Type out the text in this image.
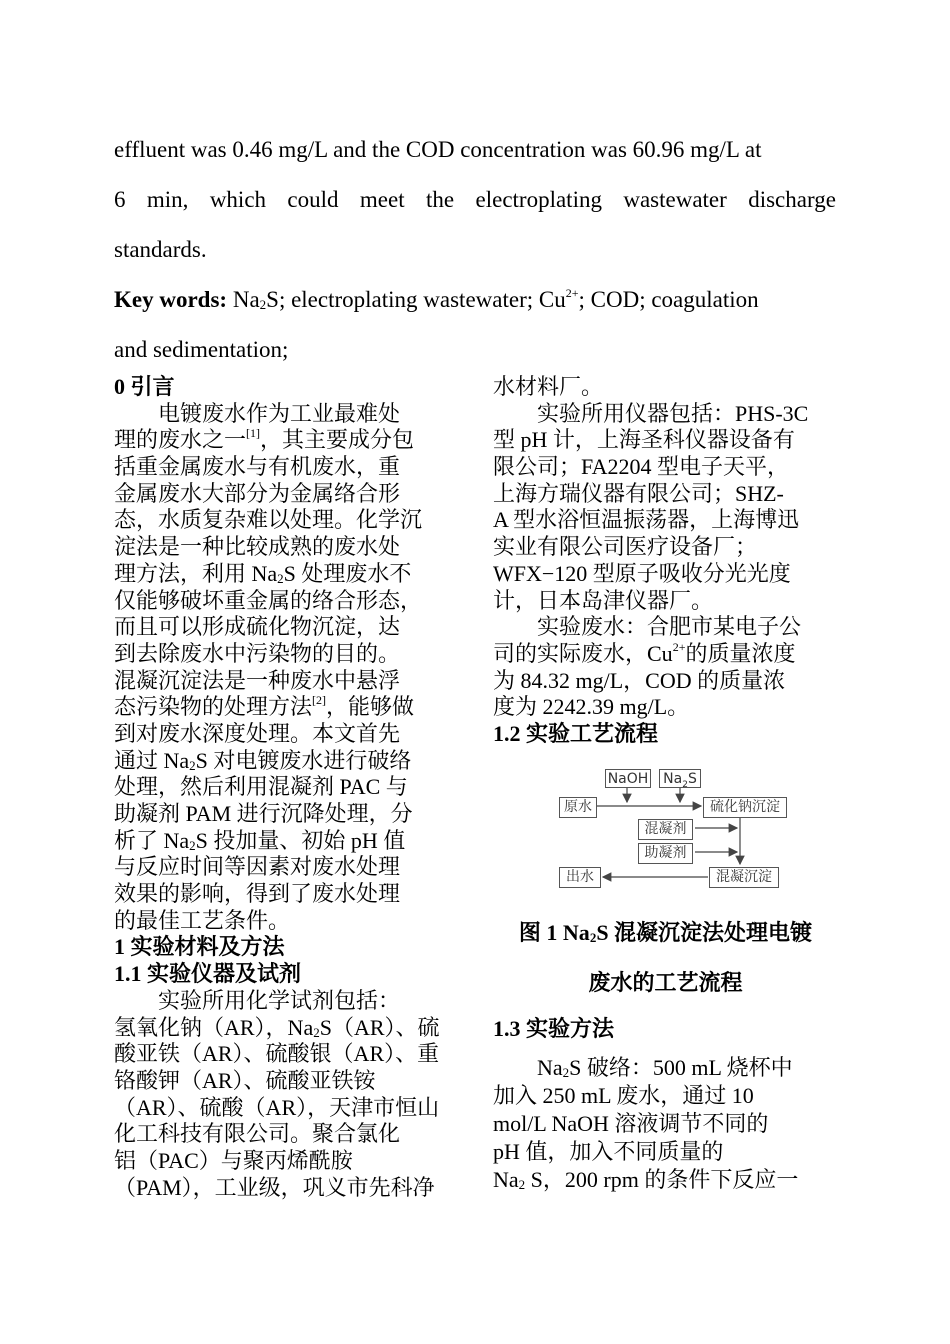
effluent was 0.46 mg/L and the COD concentration was 60.96 mg/L at
6 min, which could meet the electroplating wastewater discharge
standards.
Key words: $Na_2S$; electroplating wastewater; $Cu^{2+}$; COD; coagulation
and sedimentation;
0 引言
　　电镀废水作为工业最难处
理的废水之一[1]，其主要成分包
括重金属废水与有机废水，重
金属废水大部分为金属络合形
态，水质复杂难以处理。化学沉
淀法是一种比较成熟的废水处
理方法，利用 $Na_2S$ 处理废水不
仅能够破坏重金属的络合形态，
而且可以形成硫化物沉淀，达
到去除废水中污染物的目的。
混凝沉淀法是一种废水中悬浮
态污染物的处理方法[2]，能够做
到对废水深度处理。本文首先
通过 $Na_2S$ 对电镀废水进行破络
处理，然后利用混凝剂 PAC 与
助凝剂 PAM 进行沉降处理，分
析了 $Na_2S$ 投加量、初始 pH 值
与反应时间等因素对废水处理
效果的影响，得到了废水处理
的最佳工艺条件。
1 实验材料及方法
1.1 实验仪器及试剂
　　实验所用化学试剂包括：
氢氧化钠（AR），$Na_2S(AR)$、硫
酸亚铁（AR）、硫酸银（AR）、重
铬酸钾（AR）、硫酸亚铁铵
（AR）、硫酸（AR），天津市恒山
化工科技有限公司。聚合氯化
铝（PAC）与聚丙烯酰胺
（PAM），工业级，巩义市先科净
水材料厂。
　　实验所用仪器包括：PHS-3C
型 pH 计，上海圣科仪器设备有
限公司；FA2204 型电子天平，
上海方瑞仪器有限公司；SHZ-
A 型水浴恒温振荡器，上海博迅
实业有限公司医疗设备厂；
WFX−120 型原子吸收分光光度
计，日本岛津仪器厂。
　　实验废水：合肥市某电子公
司的实际废水，$Cu^{2+}$的质量浓度
为 84.32 mg/L，COD 的质量浓
度为 2242.39 mg/L。
1.2 实验工艺流程
NaOH $Na_2S$
原水	硫化钠沉淀
混凝剂
助凝剂
出水	混凝沉淀
图 1 $Na_2S$ 混凝沉淀法处理电镀
废水的工艺流程
1.3 实验方法
　　$Na_2S$ 破络：500 mL 烧杯中
加入 250 mL 废水，通过 10
mol/L NaOH 溶液调节不同的
pH 值，加入不同质量的
$Na_2$ S，200 rpm 的条件下反应一
